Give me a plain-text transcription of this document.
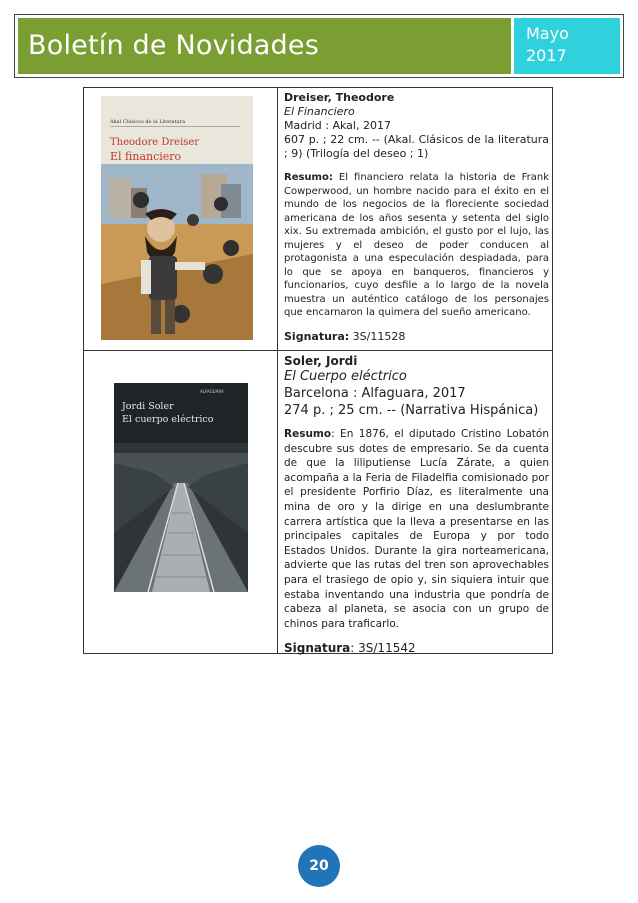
Boletín de Novidades	Mayo
2017
Akal Clásicos de la Literatura
Theodore Dreiser
El financiero

Dreiser, Theodore

El Financiero

Madrid : Akal, 2017

607 p. ; 22 cm. -- (Akal. Clásicos de la literatura ; 9) (Trilogía del deseo ; 1)

Resumo: El financiero relata la historia de Frank Cowperwood, un hombre nacido para el éxito en el mundo de los negocios de la floreciente sociedad americana de los años sesenta y setenta del siglo xix. Su extremada ambición, el gusto por el lujo, las mujeres y el deseo de poder conducen al protagonista a una especulación despiadada, para lo que se apoya en banqueros, financieros y funcionarios, cuyo desfile a lo largo de la novela muestra un auténtico catálogo de los personajes que encarnaron la quimera del sueño americano.

Signatura: 3S/11528

ALFAGUARA
Jordi Soler
El cuerpo eléctrico

Soler, Jordi

El Cuerpo eléctrico

Barcelona : Alfaguara, 2017

274 p. ; 25 cm. -- (Narrativa Hispánica)

Resumo: En 1876, el diputado Cristino Lobatón descubre sus dotes de empresario. Se da cuenta de que la liliputiense Lucía Zárate, a quien acompaña a la Feria de Filadelfia comisionado por el presidente Porfirio Díaz, es literalmente una mina de oro y la dirige en una deslumbrante carrera artística que la lleva a presentarse en las principales capitales de Europa y por todo Estados Unidos. Durante la gira norteamericana, advierte que las rutas del tren son aprovechables para el trasiego de opio y, sin siquiera intuir que estaba inventando una industria que pondría de cabeza al planeta, se asocia con un grupo de chinos para traficarlo.

Signatura: 3S/11542

20
